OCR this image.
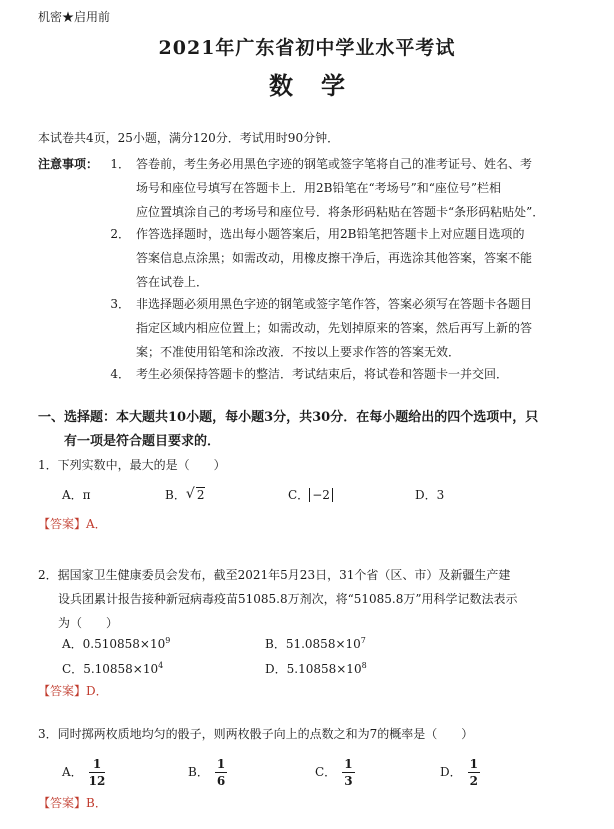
机密★启用前
2021年广东省初中学业水平考试
数学
本试卷共4页，25小题，满分120分．考试用时90分钟．
注意事项： 1． 答卷前，考生务必用黑色字迹的钢笔或签字笔将自己的准考证号、姓名、考
场号和座位号填写在答题卡上．用2B铅笔在“考场号”和“座位号”栏相
应位置填涂自己的考场号和座位号．将条形码粘贴在答题卡“条形码粘贴处”．
2． 作答选择题时，选出每小题答案后，用2B铅笔把答题卡上对应题目选项的
答案信息点涂黑；如需改动，用橡皮擦干净后，再选涂其他答案，答案不能
答在试卷上．
3． 非选择题必须用黑色字迹的钢笔或签字笔作答，答案必须写在答题卡各题目
指定区域内相应位置上；如需改动，先划掉原来的答案，然后再写上新的答
案；不准使用铅笔和涂改液．不按以上要求作答的答案无效．
4． 考生必须保持答题卡的整洁．考试结束后，将试卷和答题卡一并交回．
一、选择题：本大题共10小题，每小题3分，共30分．在每小题给出的四个选项中，只
有一项是符合题目要求的．
1．下列实数中，最大的是（　　）
A．π	B． √ 2	C． −2	D．3
【答案】A．
2．据国家卫生健康委员会发布，截至2021年5月23日，31个省（区、市）及新疆生产建
设兵团累计报告接种新冠病毒疫苗51085.8万剂次，将“51085.8万”用科学记数法表示
为（　　）
A．$0.510858\times 10^9$	B．$51.0858\times 10^7$
C．$5.10858\times 10^4$	D．$5.10858\times 10^8$
【答案】D．
3．同时掷两枚质地均匀的骰子，则两枚骰子向上的点数之和为7的概率是（　　）
A． $\frac{1}{12}$	B． $\frac{1}{6}$	C． $\frac{1}{3}$	D． $\frac{1}{2}$
【答案】B．
